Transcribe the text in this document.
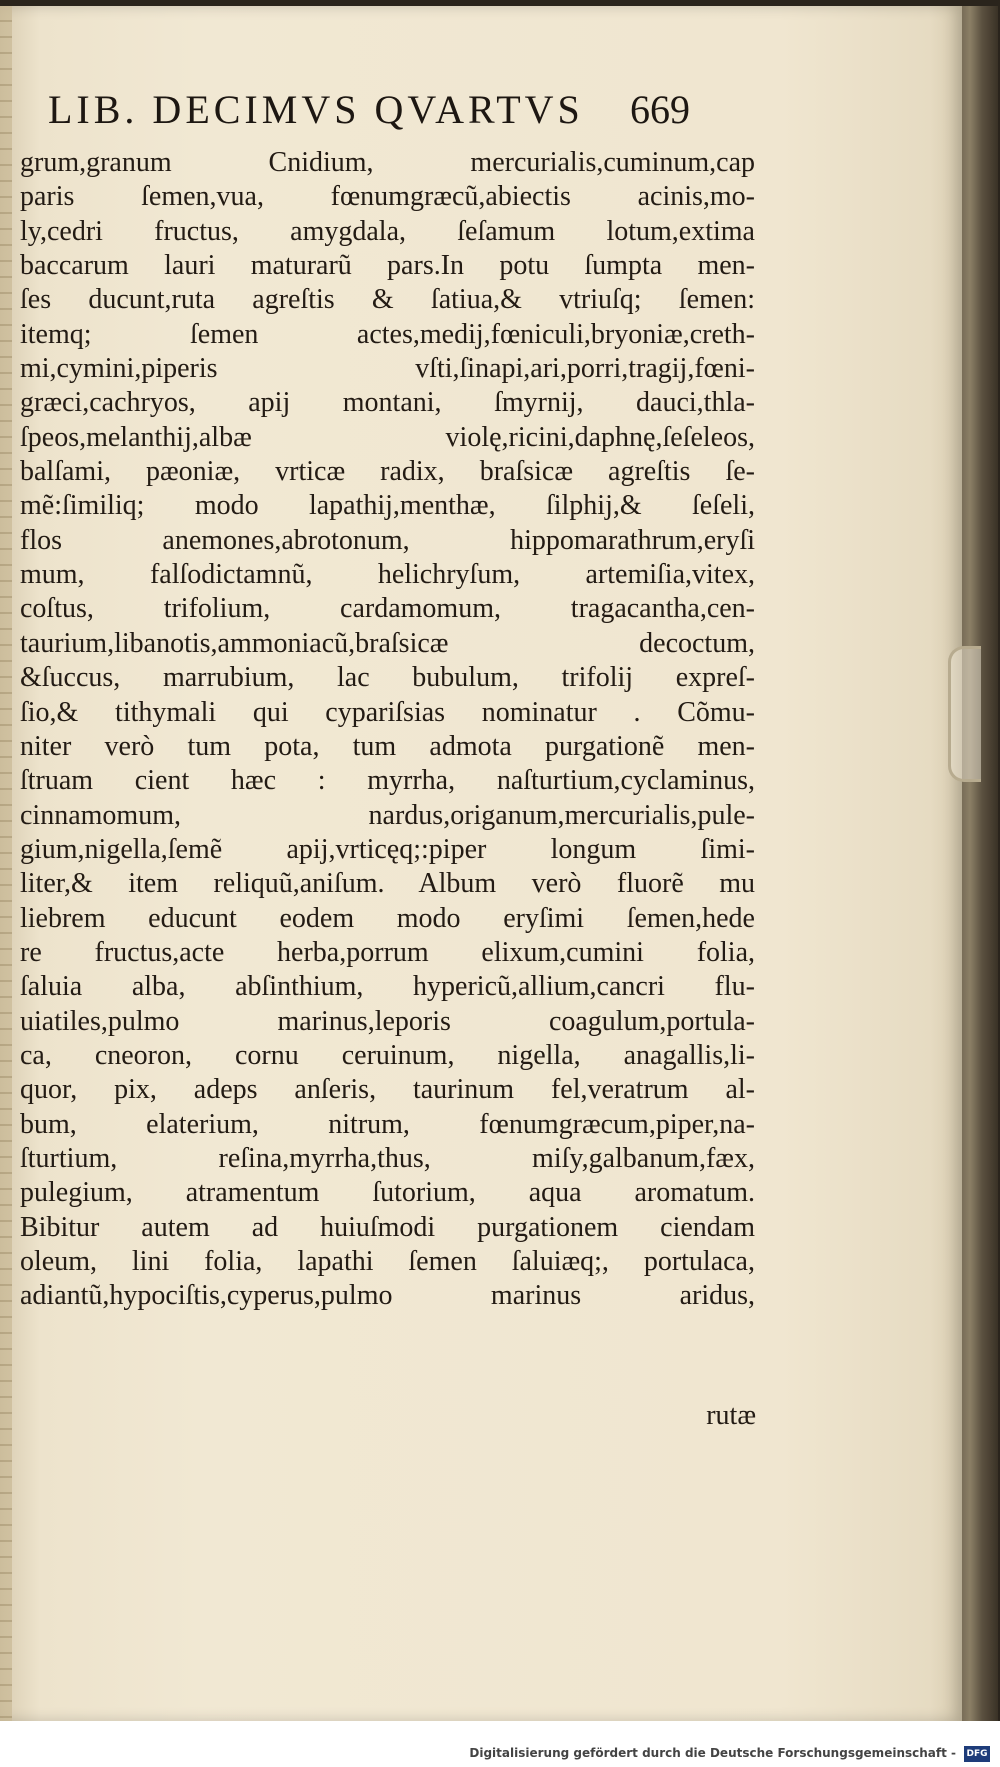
LIB. DECIMVS QVARTVS	669
grum,granum Cnidium, mercurialis,cuminum,cap
paris ſemen,vua, fœnumgræcũ,abiectis acinis,mo-
ly,cedri fructus, amygdala, ſeſamum lotum,extima
baccarum lauri maturarũ pars.In potu ſumpta men-
ſes ducunt,ruta agreſtis & ſatiua,& vtriuſq; ſemen:
itemq; ſemen actes,medij,fœniculi,bryoniæ,creth-
mi,cymini,piperis vſti,ſinapi,ari,porri,tragij,fœni-
græci,cachryos, apij montani, ſmyrnij, dauci,thla-
ſpeos,melanthij,albæ violę,ricini,daphnę,ſeſeleos,
balſami, pæoniæ, vrticæ radix, braſsicæ agreſtis ſe-
mẽ:ſimiliq; modo lapathij,menthæ, ſilphij,& ſeſeli,
flos anemones,abrotonum, hippomarathrum,eryſi
mum, falſodictamnũ, helichryſum, artemiſia,vitex,
coſtus, trifolium, cardamomum, tragacantha,cen-
taurium,libanotis,ammoniacũ,braſsicæ decoctum,
&ſuccus, marrubium, lac bubulum, trifolij expreſ-
ſio,& tithymali qui cypariſsias nominatur . Cõmu-
niter verò tum pota, tum admota purgationẽ men-
ſtruam cient hæc : myrrha, naſturtium,cyclaminus,
cinnamomum, nardus,origanum,mercurialis,pule-
gium,nigella,ſemẽ apij,vrticęq;:piper longum ſimi-
liter,& item reliquũ,aniſum. Album verò fluorẽ mu
liebrem educunt eodem modo eryſimi ſemen,hede
re fructus,acte herba,porrum elixum,cumini folia,
ſaluia alba, abſinthium, hypericũ,allium,cancri flu-
uiatiles,pulmo marinus,leporis coagulum,portula-
ca, cneoron, cornu ceruinum, nigella, anagallis,li-
quor, pix, adeps anſeris, taurinum fel,veratrum al-
bum, elaterium, nitrum, fœnumgræcum,piper,na-
ſturtium, reſina,myrrha,thus, miſy,galbanum,fæx,
pulegium, atramentum ſutorium, aqua aromatum.
Bibitur autem ad huiuſmodi purgationem ciendam
oleum, lini folia, lapathi ſemen ſaluiæq;, portulaca,
adiantũ,hypociſtis,cyperus,pulmo marinus aridus,
rutæ
Digitalisierung gefördert durch die Deutsche Forschungsgemeinschaft - DFG
